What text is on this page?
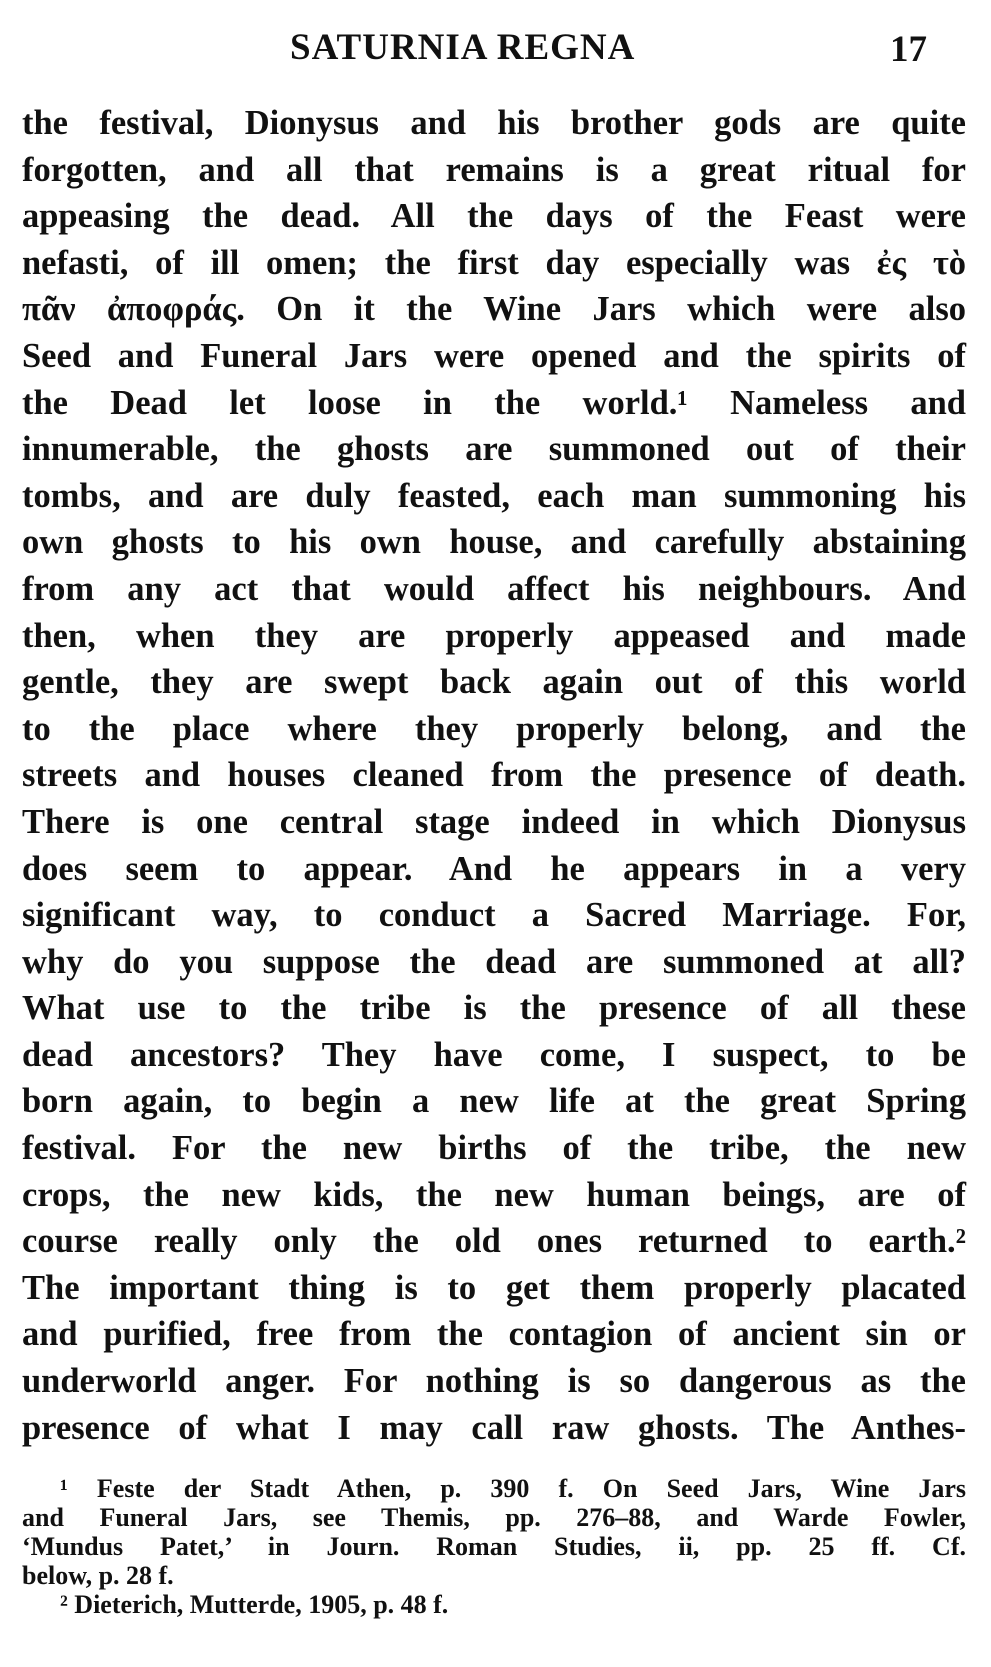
SATURNIA REGNA	17
the festival, Dionysus and his brother gods are quite
forgotten, and all that remains is a great ritual for
appeasing the dead. All the days of the Feast were
nefasti, of ill omen; the first day especially was ἐς τὸ
πᾶν ἀποφράς. On it the Wine Jars which were also
Seed and Funeral Jars were opened and the spirits of
the Dead let loose in the world.¹ Nameless and
innumerable, the ghosts are summoned out of their
tombs, and are duly feasted, each man summoning his
own ghosts to his own house, and carefully abstaining
from any act that would affect his neighbours. And
then, when they are properly appeased and made
gentle, they are swept back again out of this world
to the place where they properly belong, and the
streets and houses cleaned from the presence of death.
There is one central stage indeed in which Dionysus
does seem to appear. And he appears in a very
significant way, to conduct a Sacred Marriage. For,
why do you suppose the dead are summoned at all?
What use to the tribe is the presence of all these
dead ancestors? They have come, I suspect, to be
born again, to begin a new life at the great Spring
festival. For the new births of the tribe, the new
crops, the new kids, the new human beings, are of
course really only the old ones returned to earth.²
The important thing is to get them properly placated
and purified, free from the contagion of ancient sin or
underworld anger. For nothing is so dangerous as the
presence of what I may call raw ghosts. The Anthes-
¹ Feste der Stadt Athen, p. 390 f. On Seed Jars, Wine Jars
and Funeral Jars, see Themis, pp. 276–88, and Warde Fowler,
‘Mundus Patet,’ in Journ. Roman Studies, ii, pp. 25 ff. Cf.
below, p. 28 f.
² Dieterich, Mutterde, 1905, p. 48 f.
